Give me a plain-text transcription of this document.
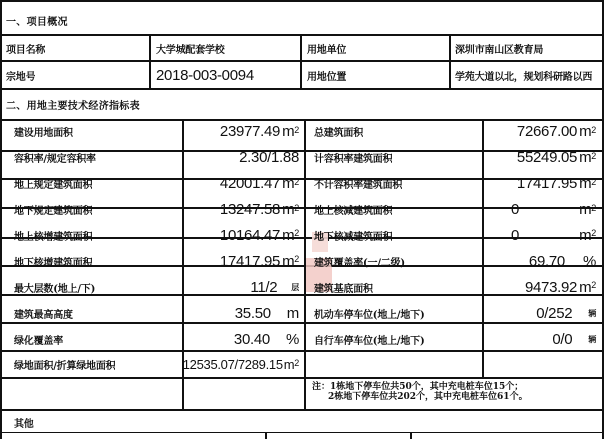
一、项目概况
项目名称	大学城配套学校	用地单位	深圳市南山区教育局
宗地号	2018-003-0094	用地位置	学苑大道以北，规划科研路以西
二、用地主要技术经济指标表
建设用地面积	23977.49 m 2 总建筑面积	72667.00 m 2
容积率/规定容积率	2.30/1.88 计容积率建筑面积	55249.05 m 2
地上规定建筑面积	42001.47 m 2 不计容积率建筑面积	17417.95 m 2
地下规定建筑面积	13247.58 m 2 地上核减建筑面积	0	m 2
地上核增建筑面积	10164.47 m 2 地下核减建筑面积	0	m 2
地下核增建筑面积	17417.95 m 2 建筑覆盖率(一/二级)	69.70 %
最大层数(地上/下)	11/2 层 建筑基底面积	9473.92 m 2
建筑最高高度	35.50 m 机动车停车位(地上/地下)	0/252 辆
绿化覆盖率	30.40 % 自行车停车位(地上/地下)	0/0 辆
绿地面积/折算绿地面积	12535.07/7289.15 m 2
注：1栋地下停车位共50个，其中充电桩车位15个；
2栋地下停车位共202个，其中充电桩车位61个。
其他
